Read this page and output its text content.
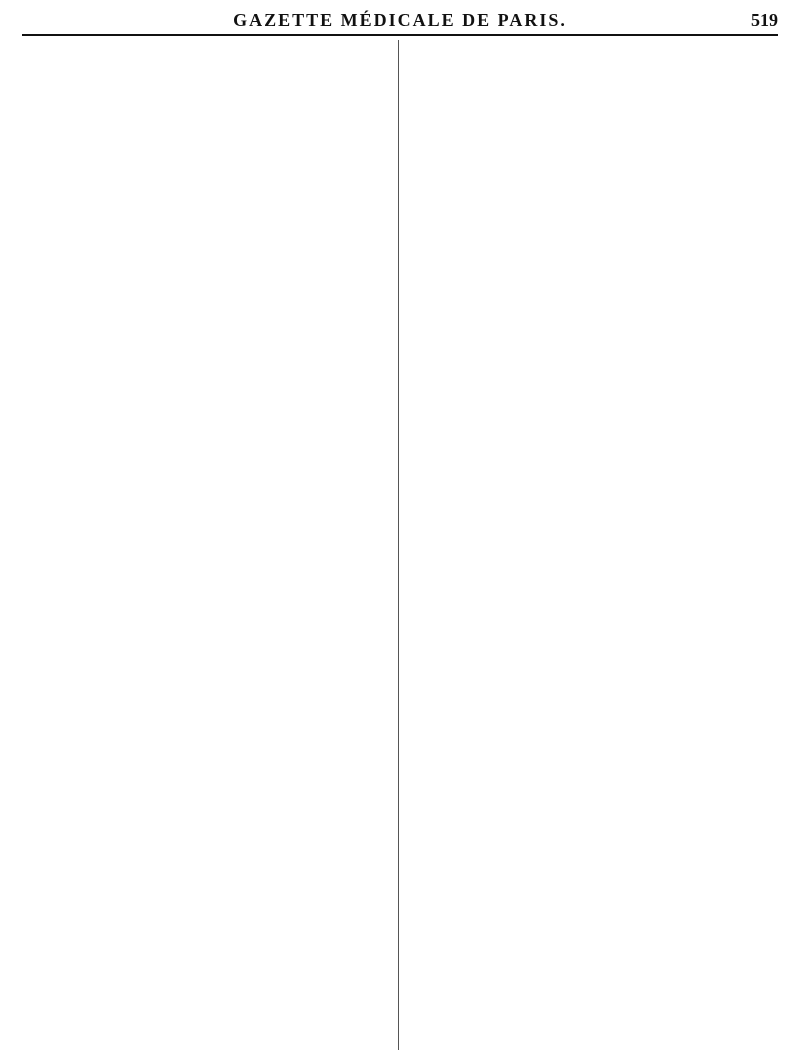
GAZETTE MÉDICALE DE PARIS.	519
